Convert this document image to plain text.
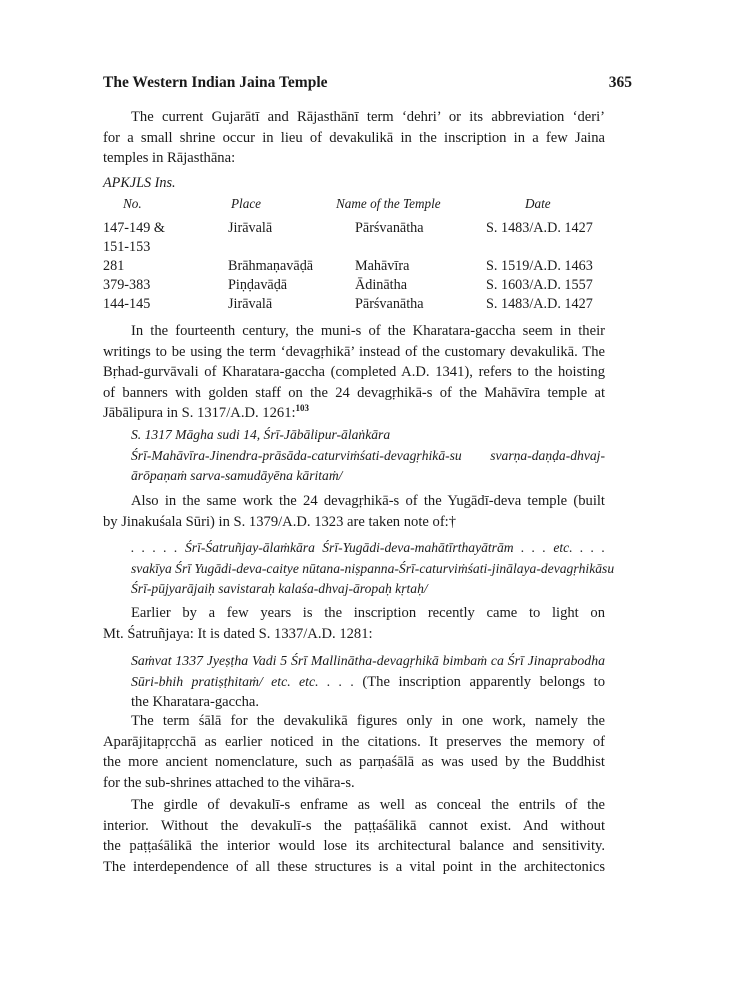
The Western Indian Jaina Temple	365

The current Gujarātī and Rājasthānī term ‘dehri’ or its abbreviation ‘deri’
for a small shrine occur in lieu of devakulikā in the inscription in a few Jaina
temples in Rājasthāna:

APKJLS Ins.
No.	Place	Name of the Temple	Date
147-149 &	Jirāvalā	Pārśvanātha	S. 1483/A.D. 1427
151-153
281	Brāhmaṇavāḍā	Mahāvīra	S. 1519/A.D. 1463
379-383	Piṇḍavāḍā	Ādinātha	S. 1603/A.D. 1557
144-145	Jirāvalā	Pārśvanātha	S. 1483/A.D. 1427

In the fourteenth century, the muni-s of the Kharatara-gaccha seem in their
writings to be using the term ‘devagṛhikā’ instead of the customary devakulikā. The
Bṛhad-gurvāvali of Kharatara-gaccha (completed A.D. 1341), refers to the hoisting
of banners with golden staff on the 24 devagṛhikā-s of the Mahāvīra temple at
Jābālipura in S. 1317/A.D. 1261:$^{103}$

S. 1317 Māgha sudi 14, Śrī-Jābālipur-ālaṅkāra
Śrī-Mahāvīra-Jinendra-prāsāda-caturviṁśati-devagṛhikā-su svarṇa-daṇḍa-dhvaj-
ārōpaṇaṁ sarva-samudāyēna kāritaṁ/

Also in the same work the 24 devagṛhikā-s of the Yugādī-deva temple (built
by Jinakuśala Sūri) in S. 1379/A.D. 1323 are taken note of:†

. . . . . Śrī-Śatruñjay-ālaṁkāra Śrī-Yugādi-deva-mahātīrthayātrām . . . etc. . . .
svakīya Śrī Yugādi-deva-caitye nūtana-niṣpanna-Śrī-caturviṁśati-jinālaya-devagṛhikāsu
Śrī-pūjyarājaiḥ savistaraḥ kalaśa-dhvaj-āropaḥ kṛtaḥ/

Earlier by a few years is the inscription recently came to light on
Mt. Śatruñjaya: It is dated S. 1337/A.D. 1281:

Saṁvat 1337 Jyeṣṭha Vadi 5 Śrī Mallinātha-devagṛhikā bimbaṁ ca Śrī Jinaprabodha
Sūri-bhih pratiṣṭhitaṁ/ etc. etc. . . . (The inscription apparently belongs to
the Kharatara-gaccha.

The term śālā for the devakulikā figures only in one work, namely the
Aparājitapṛcchā as earlier noticed in the citations. It preserves the memory of
the more ancient nomenclature, such as parṇaśālā as was used by the Buddhist
for the sub-shrines attached to the vihāra-s.

The girdle of devakulī-s enframe as well as conceal the entrils of the
interior. Without the devakulī-s the paṭṭaśālikā cannot exist. And without
the paṭṭaśālikā the interior would lose its architectural balance and sensitivity.
The interdependence of all these structures is a vital point in the architectonics
